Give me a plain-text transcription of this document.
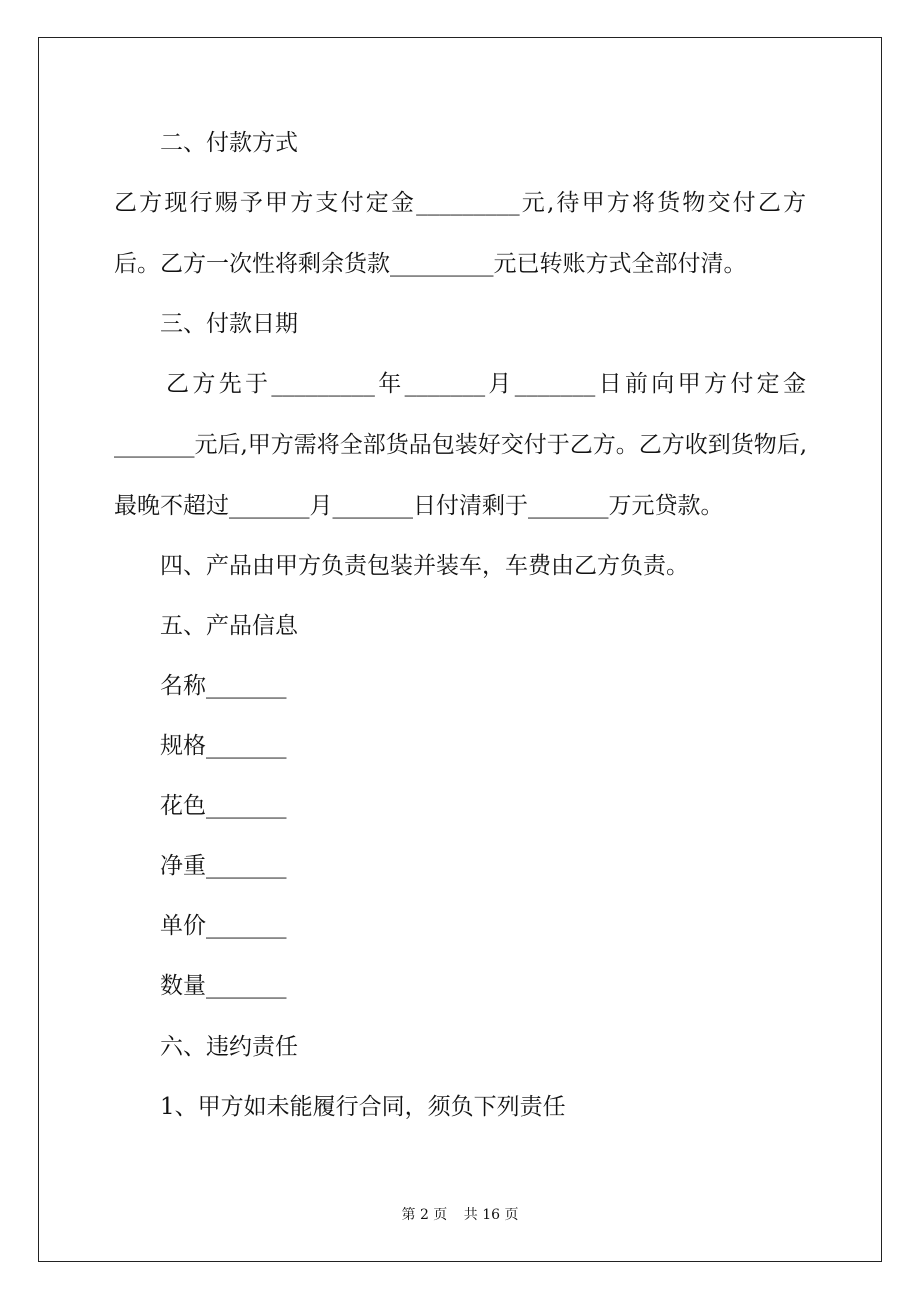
二、付款方式
乙方现行赐予甲方支付定金_________元,待甲方将货物交付乙方
后。乙方一次性将剩余货款_________元已转账方式全部付清。
三、付款日期
乙方先于_________年_______月_______日前向甲方付定金
_______元后,甲方需将全部货品包装好交付于乙方。乙方收到货物后,
最晚不超过_______月_______日付清剩于_______万元贷款。
四、产品由甲方负责包装并装车，车费由乙方负责。
五、产品信息
名称_______
规格_______
花色_______
净重_______
单价_______
数量_______
六、违约责任
1、甲方如未能履行合同，须负下列责任
第 2 页 共 16 页
